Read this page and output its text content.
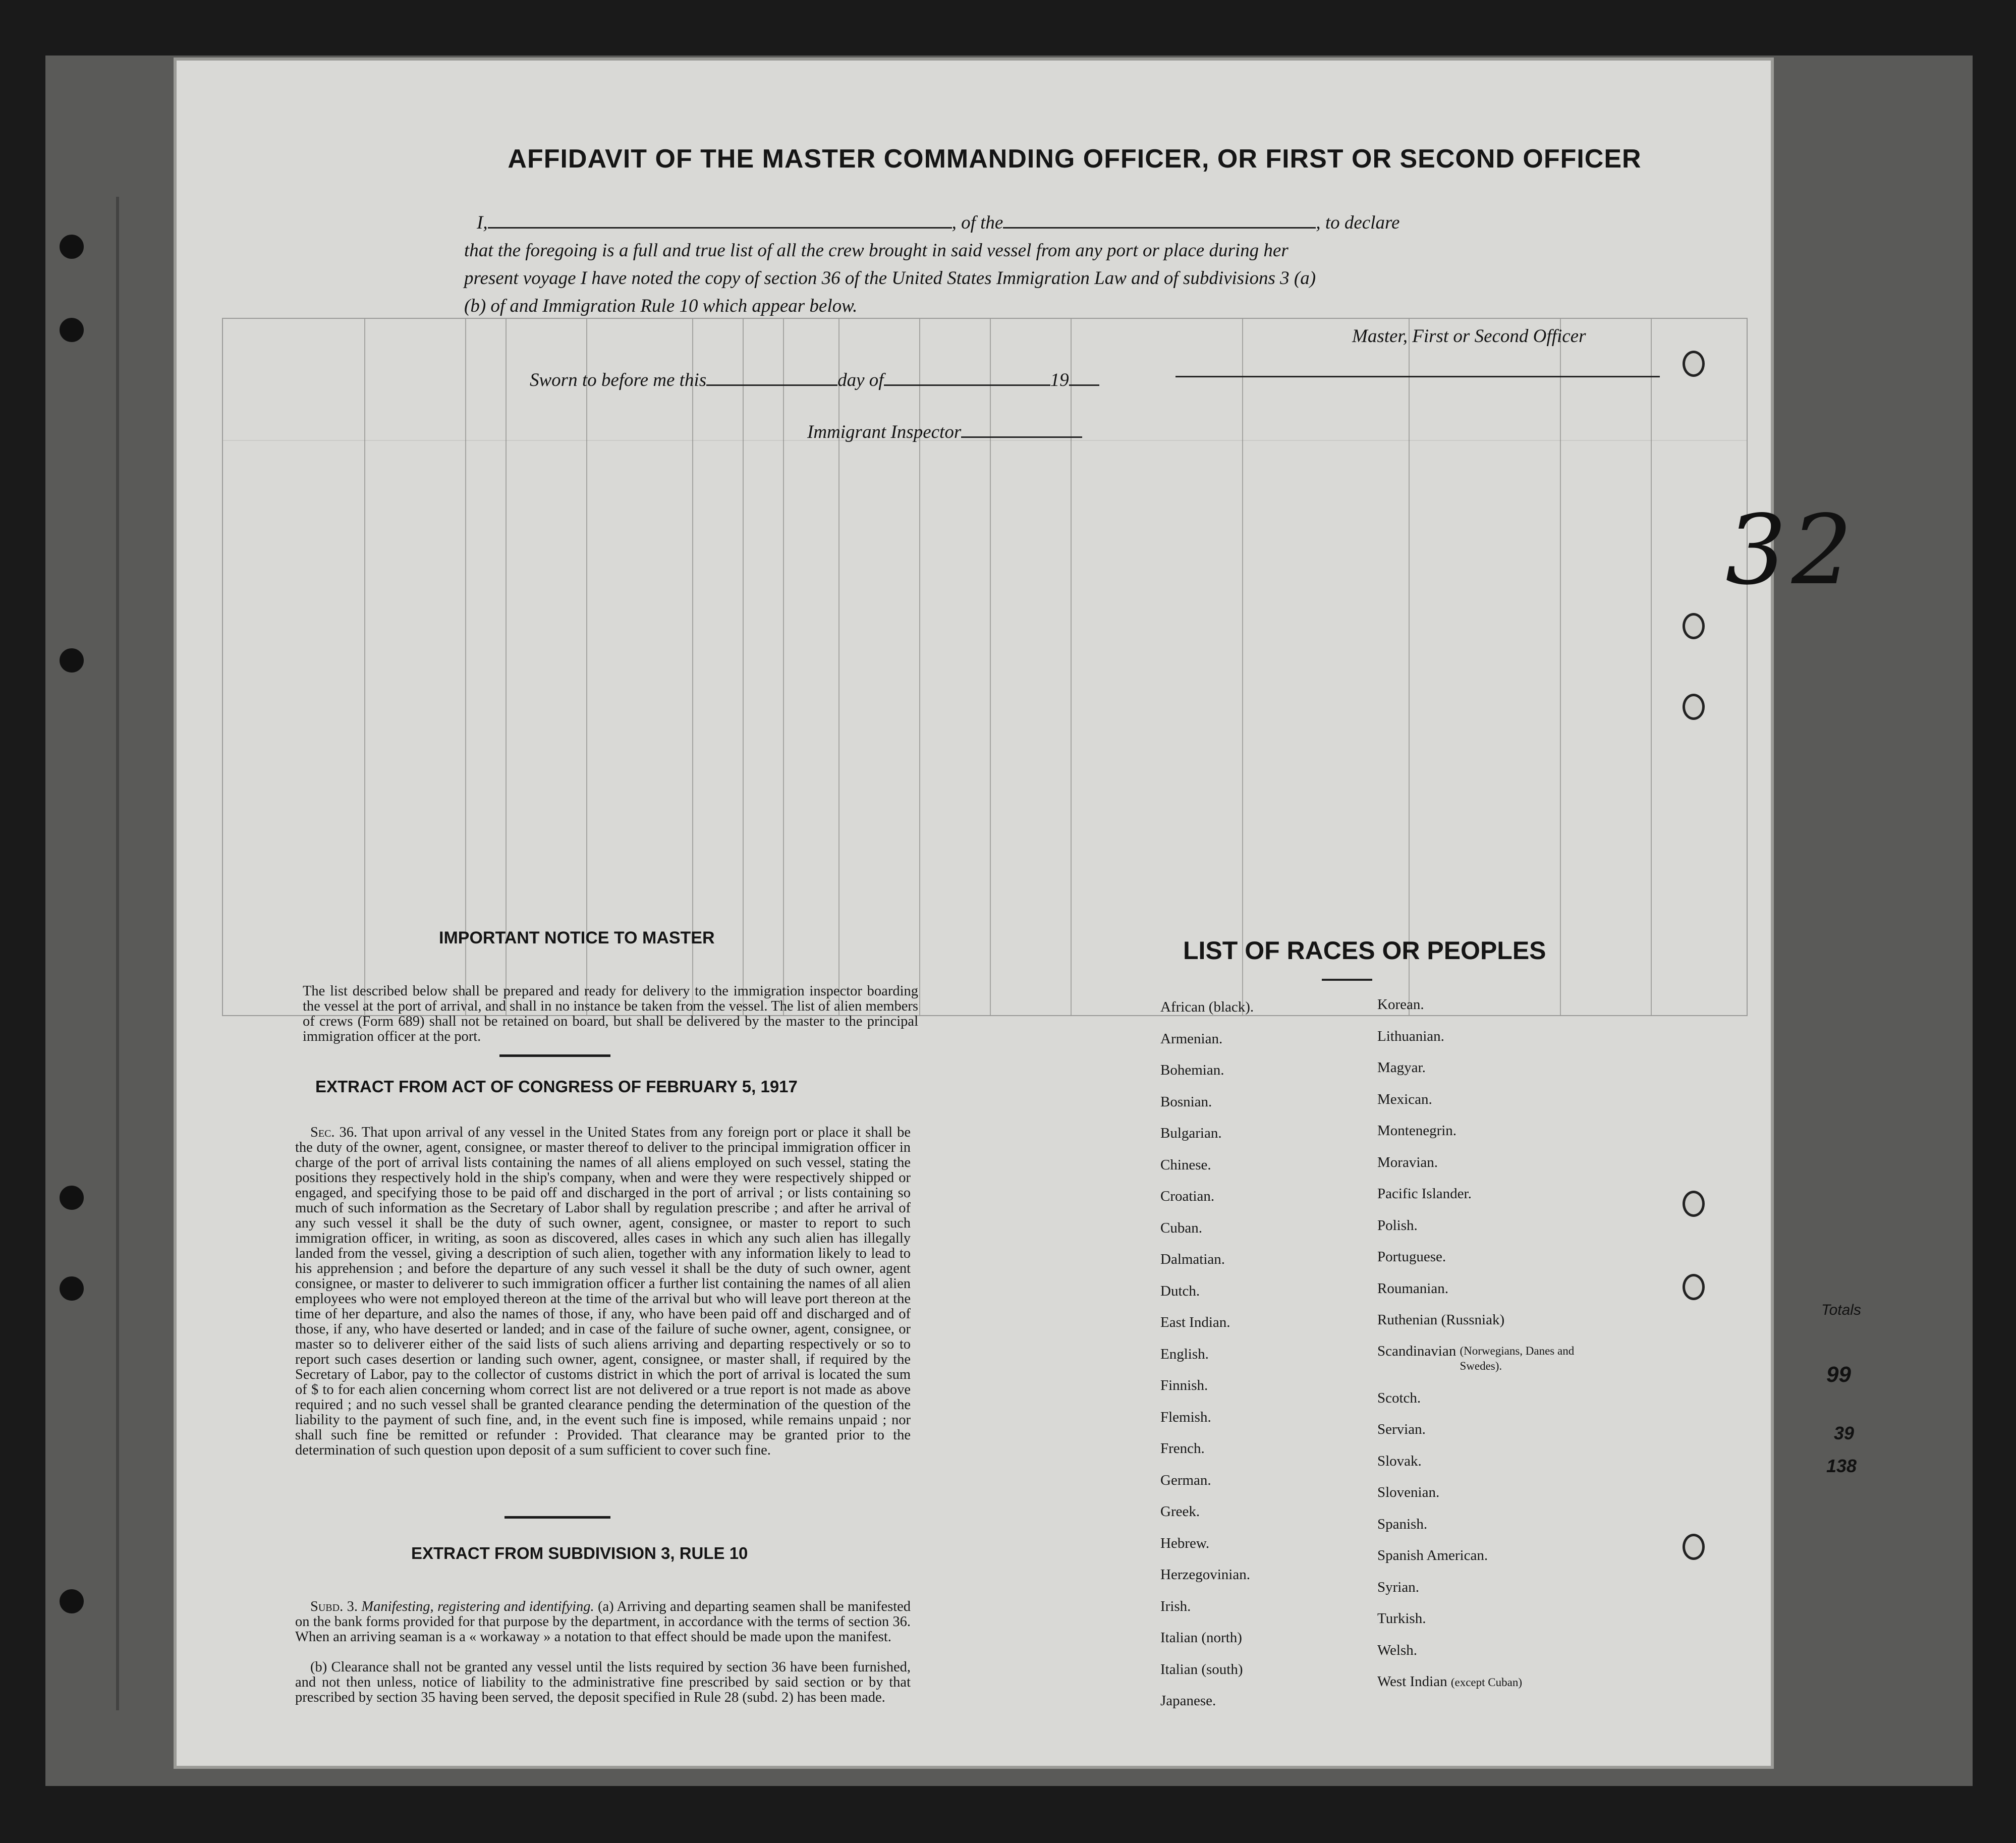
AFFIDAVIT OF THE MASTER COMMANDING OFFICER, OR FIRST OR SECOND OFFICER
I,	, of the	, to declare
that the foregoing is a full and true list of all the crew brought in said vessel from any port or place during her
present voyage I have noted the copy of section 36 of the United States Immigration Law and of subdivisions 3 (a)
(b) of and Immigration Rule 10 which appear below.
Master, First or Second Officer
Sworn to before me this	day of	19
Immigrant Inspector
32
IMPORTANT NOTICE TO MASTER
The list described below shall be prepared and ready for delivery to the immigration inspector boarding the vessel at the port of arrival, and shall in no instance be taken from the vessel. The list of alien members of crews (Form 689) shall not be retained on board, but shall be delivered by the master to the principal immigration officer at the port.
EXTRACT FROM ACT OF CONGRESS OF FEBRUARY 5, 1917
Sec. 36. That upon arrival of any vessel in the United States from any foreign port or place it shall be the duty of the owner, agent, consignee, or master thereof to deliver to the principal immigration officer in charge of the port of arrival lists containing the names of all aliens employed on such vessel, stating the positions they respectively hold in the ship's company, when and were they were respectively shipped or engaged, and specifying those to be paid off and discharged in the port of arrival ; or lists containing so much of such information as the Secretary of Labor shall by regulation prescribe ; and after he arrival of any such vessel it shall be the duty of such owner, agent, consignee, or master to report to such immigration officer, in writing, as soon as discovered, alles cases in which any such alien has illegally landed from the vessel, giving a description of such alien, together with any information likely to lead to his apprehension ; and before the departure of any such vessel it shall be the duty of such owner, agent consignee, or master to deliverer to such immigration officer a further list containing the names of all alien employees who were not employed thereon at the time of the arrival but who will leave port thereon at the time of her departure, and also the names of those, if any, who have been paid off and discharged and of those, if any, who have deserted or landed; and in case of the failure of suche owner, agent, consignee, or master so to deliverer either of the said lists of such aliens arriving and departing respectively or so to report such cases desertion or landing such owner, agent, consignee, or master shall, if required by the Secretary of Labor, pay to the collector of customs district in which the port of arrival is located the sum of $ to for each alien concerning whom correct list are not delivered or a true report is not made as above required ; and no such vessel shall be granted clearance pending the determination of the question of the liability to the payment of such fine, and, in the event such fine is imposed, while remains unpaid ; nor shall such fine be remitted or refunder : Provided. That clearance may be granted prior to the determination of such question upon deposit of a sum sufficient to cover such fine.
EXTRACT FROM SUBDIVISION 3, RULE 10
Subd. 3. Manifesting, registering and identifying. (a) Arriving and departing seamen shall be manifested on the bank forms provided for that purpose by the department, in accordance with the terms of section 36. When an arriving seaman is a « workaway » a notation to that effect should be made upon the manifest.
(b) Clearance shall not be granted any vessel until the lists required by section 36 have been furnished, and not then unless, notice of liability to the administrative fine prescribed by said section or by that prescribed by section 35 having been served, the deposit specified in Rule 28 (subd. 2) has been made.
LIST OF RACES OR PEOPLES
African (black).
Armenian.
Bohemian.
Bosnian.
Bulgarian.
Chinese.
Croatian.
Cuban.
Dalmatian.
Dutch.
East Indian.
English.
Finnish.
Flemish.
French.
German.
Greek.
Hebrew.
Herzegovinian.
Irish.
Italian (north)
Italian (south)
Japanese.
Korean.
Lithuanian.
Magyar.
Mexican.
Montenegrin.
Moravian.
Pacific Islander.
Polish.
Portuguese.
Roumanian.
Ruthenian (Russniak)
Scandinavian (Norwegians, Danes and Swedes).
Scotch.
Servian.
Slovak.
Slovenian.
Spanish.
Spanish American.
Syrian.
Turkish.
Welsh.
West Indian (except Cuban)
Totals
99
39
138
